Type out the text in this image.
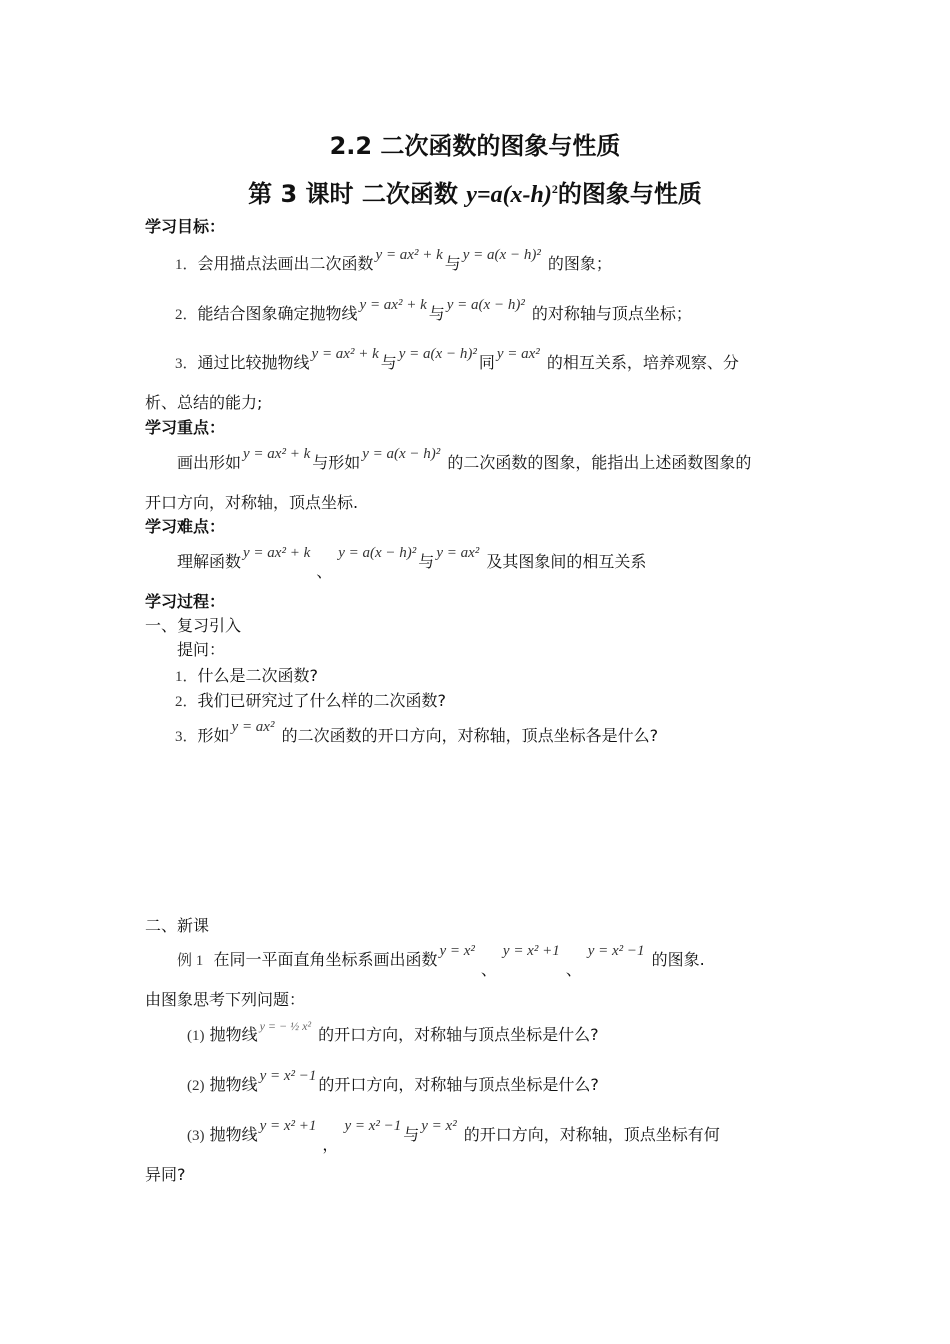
2.2 二次函数的图象与性质
第 3 课时 二次函数 $y=a(x-h)^2$的图象与性质
学习目标：
1．会用描点法画出二次函数 y = ax² + k 与 y = a(x − h)² 的图象；
2．能结合图象确定抛物线 y = ax² + k 与 y = a(x − h)² 的对称轴与顶点坐标；
3．通过比较抛物线 y = ax² + k 与 y = a(x − h)² 同 y = ax² 的相互关系，培养观察、分
析、总结的能力;
学习重点：
画出形如 y = ax² + k 与形如 y = a(x − h)² 的二次函数的图象，能指出上述函数图象的
开口方向，对称轴，顶点坐标.
学习难点：
理解函数 y = ax² + k、y = a(x − h)² 与 y = ax² 及其图象间的相互关系
学习过程：
一、复习引入
提问：
1．什么是二次函数?
2．我们已研究过了什么样的二次函数?
3．形如 y = ax² 的二次函数的开口方向，对称轴，顶点坐标各是什么?
二、新课
例 1 在同一平面直角坐标系画出函数 y = x²、y = x² +1、y = x² −1 的图象.
由图象思考下列问题：
(1) 抛物线 $^{y = - \frac{1}{2} x^2}$ 的开口方向，对称轴与顶点坐标是什么?
(2) 抛物线 y = x² −1 的开口方向，对称轴与顶点坐标是什么?
(3) 抛物线 y = x² +1，y = x² −1 与 y = x² 的开口方向，对称轴，顶点坐标有何
异同?
